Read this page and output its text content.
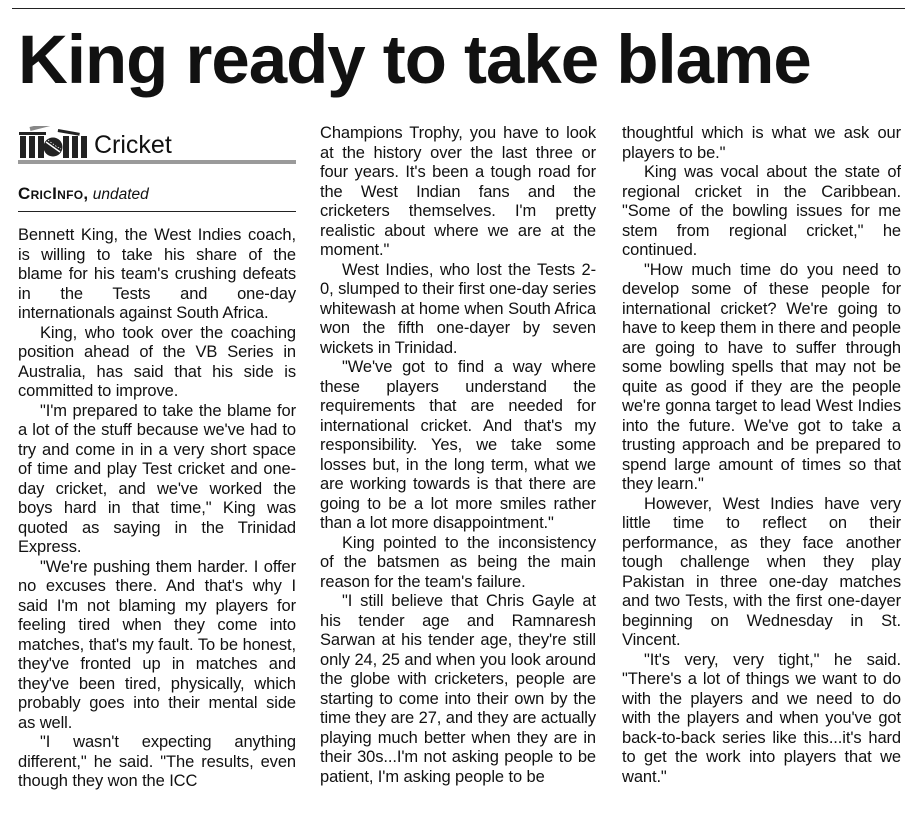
King ready to take blame
Cricket
CricInfo, undated

Bennett King, the West Indies coach, is willing to take his share of the blame for his team's crushing defeats in the Tests and one-day internationals against South Africa.

King, who took over the coaching position ahead of the VB Series in Australia, has said that his side is committed to improve.

"I'm prepared to take the blame for a lot of the stuff because we've had to try and come in in a very short space of time and play Test cricket and one-day cricket, and we've worked the boys hard in that time," King was quoted as saying in the Trinidad Express.

"We're pushing them harder. I offer no excuses there. And that's why I said I'm not blaming my players for feeling tired when they come into matches, that's my fault. To be honest, they've fronted up in matches and they've been tired, physically, which probably goes into their mental side as well.

"I wasn't expecting anything different," he said. "The results, even though they won the ICC

Champions Trophy, you have to look at the history over the last three or four years. It's been a tough road for the West Indian fans and the cricketers themselves. I'm pretty realistic about where we are at the moment."

West Indies, who lost the Tests 2-0, slumped to their first one-day series whitewash at home when South Africa won the fifth one-dayer by seven wickets in Trinidad.

"We've got to find a way where these players understand the requirements that are needed for international cricket. And that's my responsibility. Yes, we take some losses but, in the long term, what we are working towards is that there are going to be a lot more smiles rather than a lot more disappointment."

King pointed to the inconsistency of the batsmen as being the main reason for the team's failure.

"I still believe that Chris Gayle at his tender age and Ramnaresh Sarwan at his tender age, they're still only 24, 25 and when you look around the globe with cricketers, people are starting to come into their own by the time they are 27, and they are actually playing much better when they are in their 30s...I'm not asking people to be patient, I'm asking people to be

thoughtful which is what we ask our players to be."

King was vocal about the state of regional cricket in the Caribbean. "Some of the bowling issues for me stem from regional cricket," he continued.

"How much time do you need to develop some of these people for international cricket? We're going to have to keep them in there and people are going to have to suffer through some bowling spells that may not be quite as good if they are the people we're gonna target to lead West Indies into the future. We've got to take a trusting approach and be prepared to spend large amount of times so that they learn."

However, West Indies have very little time to reflect on their performance, as they face another tough challenge when they play Pakistan in three one-day matches and two Tests, with the first one-dayer beginning on Wednesday in St. Vincent.

"It's very, very tight," he said. "There's a lot of things we want to do with the players and we need to do with the players and when you've got back-to-back series like this...it's hard to get the work into players that we want."
